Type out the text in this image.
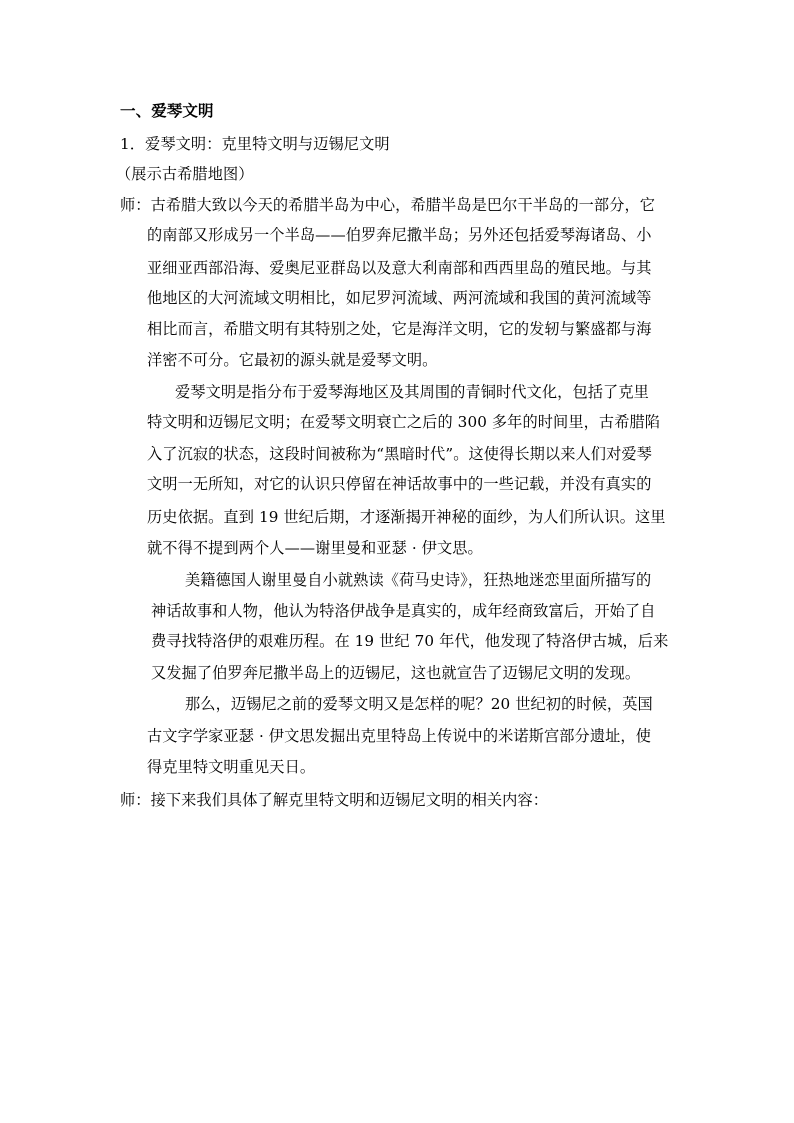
一、爱琴文明
1．爱琴文明：克里特文明与迈锡尼文明
（展示古希腊地图）
师：古希腊大致以今天的希腊半岛为中心，希腊半岛是巴尔干半岛的一部分，它
的南部又形成另一个半岛——伯罗奔尼撒半岛；另外还包括爱琴海诸岛、小
亚细亚西部沿海、爱奥尼亚群岛以及意大利南部和西西里岛的殖民地。与其
他地区的大河流域文明相比，如尼罗河流域、两河流域和我国的黄河流域等
相比而言，希腊文明有其特别之处，它是海洋文明，它的发轫与繁盛都与海
洋密不可分。它最初的源头就是爱琴文明。
爱琴文明是指分布于爱琴海地区及其周围的青铜时代文化，包括了克里
特文明和迈锡尼文明；在爱琴文明衰亡之后的 300 多年的时间里，古希腊陷
入了沉寂的状态，这段时间被称为“黑暗时代”。这使得长期以来人们对爱琴
文明一无所知，对它的认识只停留在神话故事中的一些记载，并没有真实的
历史依据。直到 19 世纪后期，才逐渐揭开神秘的面纱，为人们所认识。这里
就不得不提到两个人——谢里曼和亚瑟 · 伊文思。
美籍德国人谢里曼自小就熟读《荷马史诗》，狂热地迷恋里面所描写的
神话故事和人物，他认为特洛伊战争是真实的，成年经商致富后，开始了自
费寻找特洛伊的艰难历程。在 19 世纪 70 年代，他发现了特洛伊古城，后来
又发掘了伯罗奔尼撒半岛上的迈锡尼，这也就宣告了迈锡尼文明的发现。
那么，迈锡尼之前的爱琴文明又是怎样的呢？20 世纪初的时候，英国
古文字学家亚瑟 · 伊文思发掘出克里特岛上传说中的米诺斯宫部分遗址，使
得克里特文明重见天日。
师：接下来我们具体了解克里特文明和迈锡尼文明的相关内容：
